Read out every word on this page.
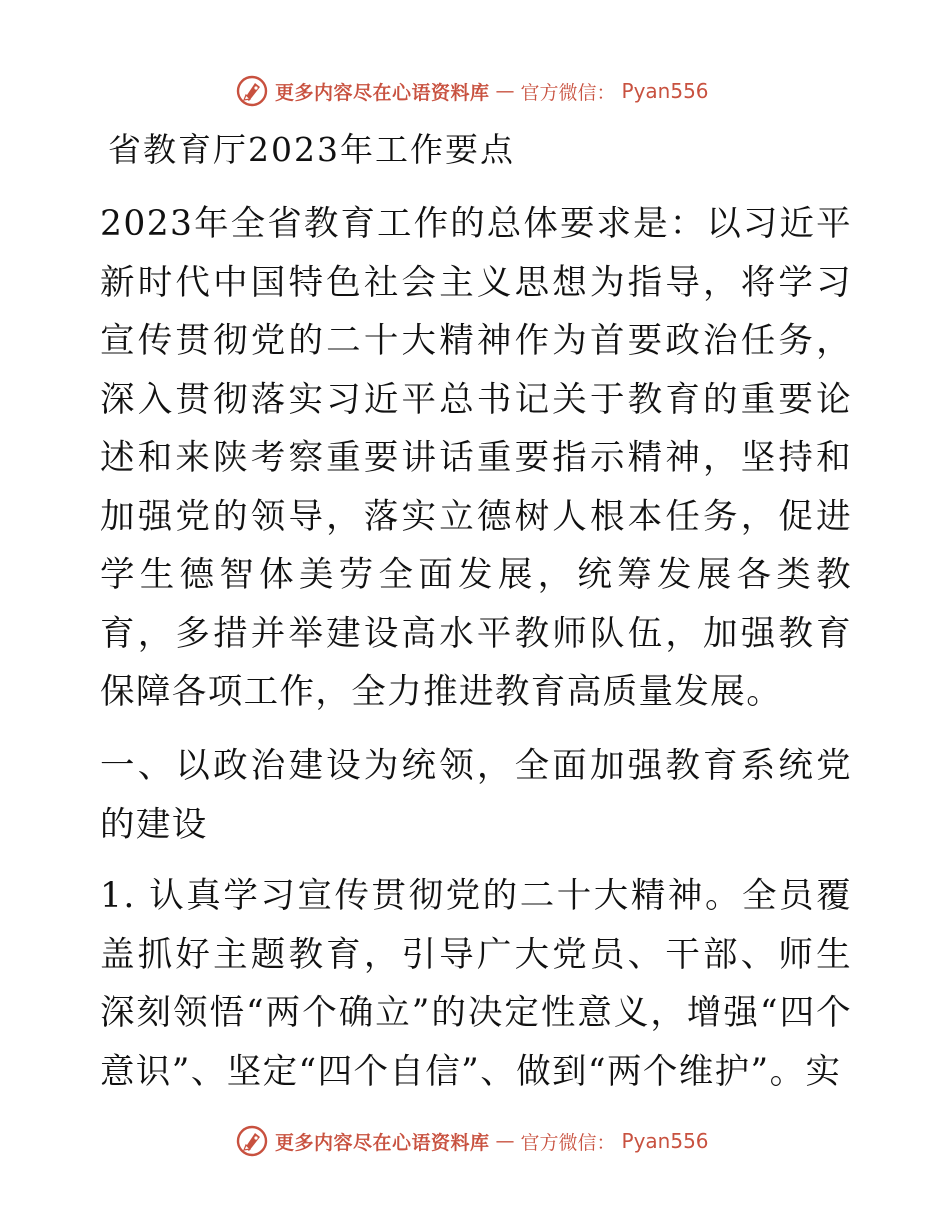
更多内容尽在心语资料库 — 官方微信： Pyan556
省教育厅2023年工作要点

2023年全省教育工作的总体要求是：以习近平新时代中国特色社会主义思想为指导，将学习宣传贯彻党的二十大精神作为首要政治任务，深入贯彻落实习近平总书记关于教育的重要论述和来陕考察重要讲话重要指示精神，坚持和加强党的领导，落实立德树人根本任务，促进学生德智体美劳全面发展，统筹发展各类教育，多措并举建设高水平教师队伍，加强教育保障各项工作，全力推进教育高质量发展。

一、以政治建设为统领，全面加强教育系统党的建设

1. 认真学习宣传贯彻党的二十大精神。全员覆盖抓好主题教育，引导广大党员、干部、师生深刻领悟“两个确立”的决定性意义，增强“四个意识”、坚定“四个自信”、做到“两个维护”。实

更多内容尽在心语资料库 — 官方微信： Pyan556
